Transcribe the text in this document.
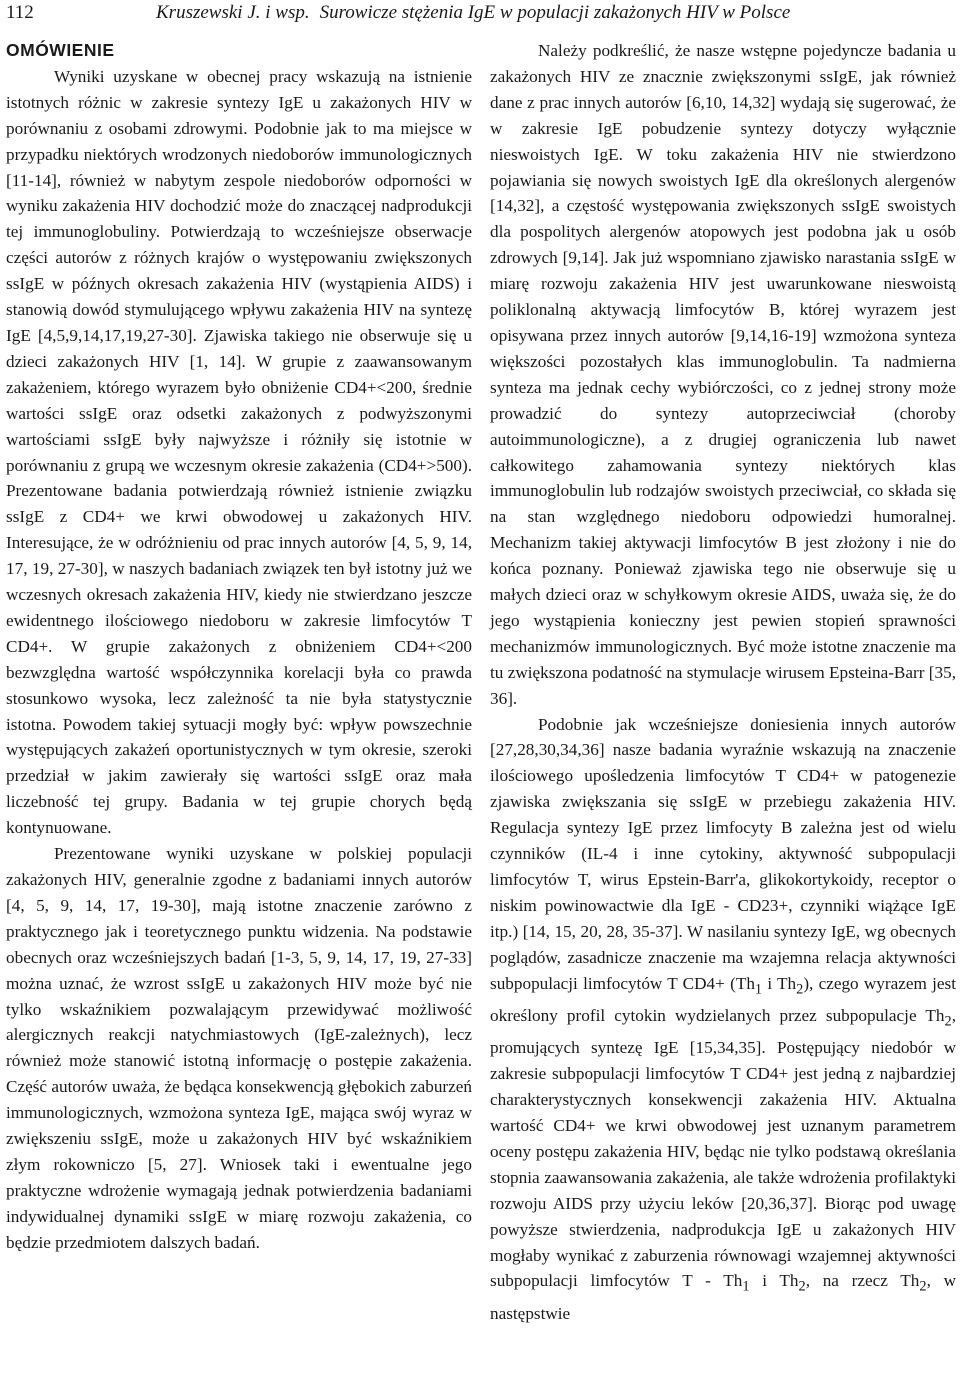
112	Kruszewski J. i wsp. Surowicze stężenia IgE w populacji zakażonych HIV w Polsce
OMÓWIENIE

Wyniki uzyskane w obecnej pracy wskazują na istnienie istotnych różnic w zakresie syntezy IgE u zakażonych HIV w porównaniu z osobami zdrowymi. Podobnie jak to ma miejsce w przypadku niektórych wrodzonych niedoborów immunologicznych [11-14], również w nabytym zespole niedoborów odporności w wyniku zakażenia HIV dochodzić może do znaczącej nadprodukcji tej immunoglobuliny. Potwierdzają to wcześniejsze obserwacje części autorów z różnych krajów o występowaniu zwiększonych ssIgE w późnych okresach zakażenia HIV (wystąpienia AIDS) i stanowią dowód stymulującego wpływu zakażenia HIV na syntezę IgE [4,5,9,14,17,19,27-30]. Zjawiska takiego nie obserwuje się u dzieci zakażonych HIV [1, 14]. W grupie z zaawansowanym zakażeniem, którego wyrazem było obniżenie CD4+<200, średnie wartości ssIgE oraz odsetki zakażonych z podwyższonymi wartościami ssIgE były najwyższe i różniły się istotnie w porównaniu z grupą we wczesnym okresie zakażenia (CD4+>500). Prezentowane badania potwierdzają również istnienie związku ssIgE z CD4+ we krwi obwodowej u zakażonych HIV. Interesujące, że w odróżnieniu od prac innych autorów [4, 5, 9, 14, 17, 19, 27-30], w naszych badaniach związek ten był istotny już we wczesnych okresach zakażenia HIV, kiedy nie stwierdzano jeszcze ewidentnego ilościowego niedoboru w zakresie limfocytów T CD4+. W grupie zakażonych z obniżeniem CD4+<200 bezwzględna wartość współczynnika korelacji była co prawda stosunkowo wysoka, lecz zależność ta nie była statystycznie istotna. Powodem takiej sytuacji mogły być: wpływ powszechnie występujących zakażeń oportunistycznych w tym okresie, szeroki przedział w jakim zawierały się wartości ssIgE oraz mała liczebność tej grupy. Badania w tej grupie chorych będą kontynuowane.

Prezentowane wyniki uzyskane w polskiej populacji zakażonych HIV, generalnie zgodne z badaniami innych autorów [4, 5, 9, 14, 17, 19-30], mają istotne znaczenie zarówno z praktycznego jak i teoretycznego punktu widzenia. Na podstawie obecnych oraz wcześniejszych badań [1-3, 5, 9, 14, 17, 19, 27-33] można uznać, że wzrost ssIgE u zakażonych HIV może być nie tylko wskaźnikiem pozwalającym przewidywać możliwość alergicznych reakcji natychmiastowych (IgE-zależnych), lecz również może stanowić istotną informację o postępie zakażenia. Część autorów uważa, że będąca konsekwencją głębokich zaburzeń immunologicznych, wzmożona synteza IgE, mająca swój wyraz w zwiększeniu ssIgE, może u zakażonych HIV być wskaźnikiem złym rokowniczo [5, 27]. Wniosek taki i ewentualne jego praktyczne wdrożenie wymagają jednak potwierdzenia badaniami indywidualnej dynamiki ssIgE w miarę rozwoju zakażenia, co będzie przedmiotem dalszych badań.

Należy podkreślić, że nasze wstępne pojedyncze badania u zakażonych HIV ze znacznie zwiększonymi ssIgE, jak również dane z prac innych autorów [6,10, 14,32] wydają się sugerować, że w zakresie IgE pobudzenie syntezy dotyczy wyłącznie nieswoistych IgE. W toku zakażenia HIV nie stwierdzono pojawiania się nowych swoistych IgE dla określonych alergenów [14,32], a częstość występowania zwiększonych ssIgE swoistych dla pospolitych alergenów atopowych jest podobna jak u osób zdrowych [9,14]. Jak już wspomniano zjawisko narastania ssIgE w miarę rozwoju zakażenia HIV jest uwarunkowane nieswoistą poliklonalną aktywacją limfocytów B, której wyrazem jest opisywana przez innych autorów [9,14,16-19] wzmożona synteza większości pozostałych klas immunoglobulin. Ta nadmierna synteza ma jednak cechy wybiórczości, co z jednej strony może prowadzić do syntezy autoprzeciwciał (choroby autoimmunologiczne), a z drugiej ograniczenia lub nawet całkowitego zahamowania syntezy niektórych klas immunoglobulin lub rodzajów swoistych przeciwciał, co składa się na stan względnego niedoboru odpowiedzi humoralnej. Mechanizm takiej aktywacji limfocytów B jest złożony i nie do końca poznany. Ponieważ zjawiska tego nie obserwuje się u małych dzieci oraz w schyłkowym okresie AIDS, uważa się, że do jego wystąpienia konieczny jest pewien stopień sprawności mechanizmów immunologicznych. Być może istotne znaczenie ma tu zwiększona podatność na stymulacje wirusem Epsteina-Barr [35, 36].

Podobnie jak wcześniejsze doniesienia innych autorów [27,28,30,34,36] nasze badania wyraźnie wskazują na znaczenie ilościowego upośledzenia limfocytów T CD4+ w patogenezie zjawiska zwiększania się ssIgE w przebiegu zakażenia HIV. Regulacja syntezy IgE przez limfocyty B zależna jest od wielu czynników (IL-4 i inne cytokiny, aktywność subpopulacji limfocytów T, wirus Epstein-Barr'a, glikokortykoidy, receptor o niskim powinowactwie dla IgE - CD23+, czynniki wiążące IgE itp.) [14, 15, 20, 28, 35-37]. W nasilaniu syntezy IgE, wg obecnych poglądów, zasadnicze znaczenie ma wzajemna relacja aktywności subpopulacji limfocytów T $CD4+ (Th_1$ i $Th_2$), czego wyrazem jest określony profil cytokin wydzielanych przez subpopulacje $Th_2$, promujących syntezę IgE [15,34,35]. Postępujący niedobór w zakresie subpopulacji limfocytów T CD4+ jest jedną z najbardziej charakterystycznych konsekwencji zakażenia HIV. Aktualna wartość CD4+ we krwi obwodowej jest uznanym parametrem oceny postępu zakażenia HIV, będąc nie tylko podstawą określania stopnia zaawansowania zakażenia, ale także wdrożenia profilaktyki rozwoju AIDS przy użyciu leków [20,36,37]. Biorąc pod uwagę powyższe stwierdzenia, nadprodukcja IgE u zakażonych HIV mogłaby wynikać z zaburzenia równowagi wzajemnej aktywności subpopulacji limfocytów T - $Th_1$ i $Th_2$, na rzecz $Th_2$, w następstwie
